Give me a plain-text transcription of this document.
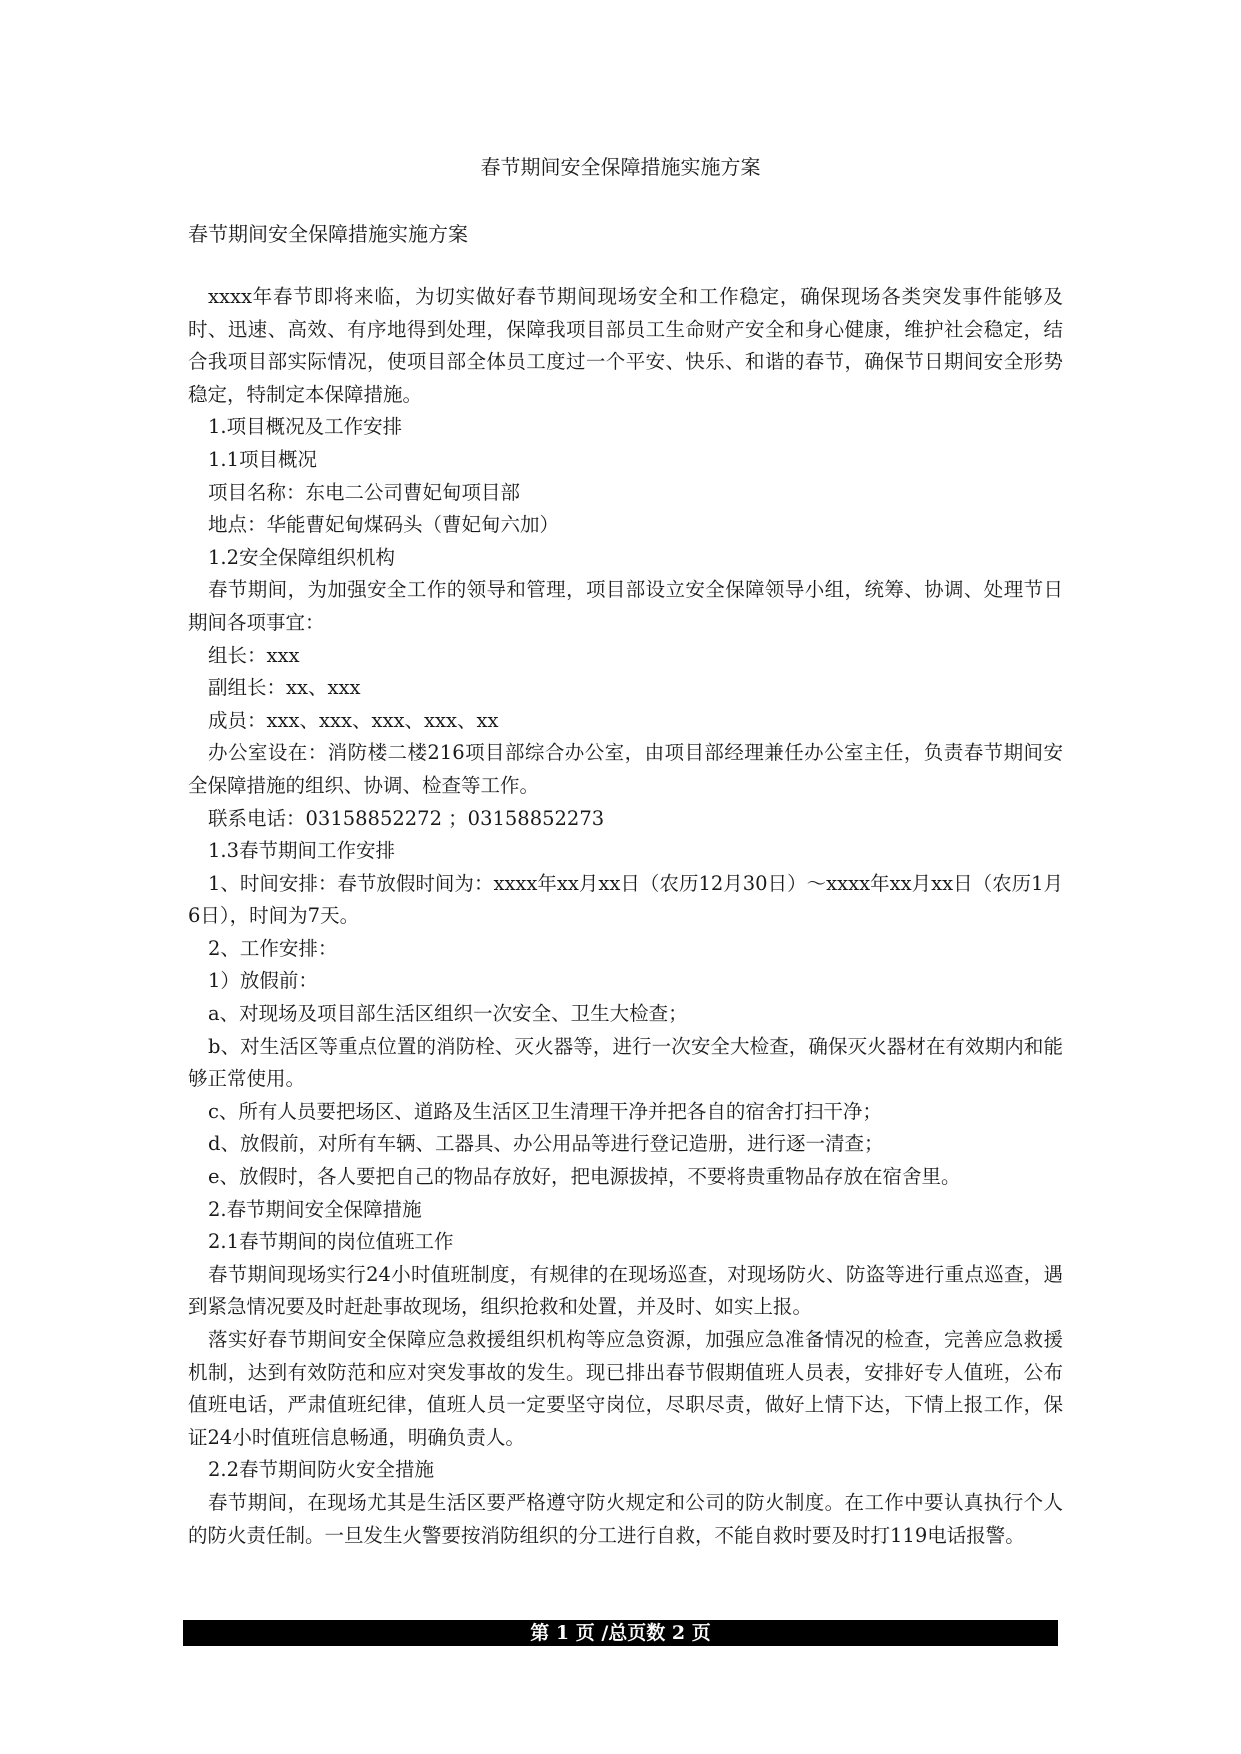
春节期间安全保障措施实施方案
春节期间安全保障措施实施方案

xxxx年春节即将来临，为切实做好春节期间现场安全和工作稳定，确保现场各类突发事件能够及时、迅速、高效、有序地得到处理，保障我项目部员工生命财产安全和身心健康，维护社会稳定，结合我项目部实际情况，使项目部全体员工度过一个平安、快乐、和谐的春节，确保节日期间安全形势稳定，特制定本保障措施。

1.项目概况及工作安排

1.1项目概况

项目名称：东电二公司曹妃甸项目部

地点：华能曹妃甸煤码头（曹妃甸六加）

1.2安全保障组织机构

春节期间，为加强安全工作的领导和管理，项目部设立安全保障领导小组，统筹、协调、处理节日期间各项事宜：

组长：xxx

副组长：xx、xxx

成员：xxx、xxx、xxx、xxx、xx

办公室设在：消防楼二楼216项目部综合办公室，由项目部经理兼任办公室主任，负责春节期间安全保障措施的组织、协调、检查等工作。

联系电话：03158852272 ；03158852273

1.3春节期间工作安排

1、时间安排：春节放假时间为：xxxx年xx月xx日（农历12月30日）～xxxx年xx月xx日（农历1月6日），时间为7天。

2、工作安排：

1）放假前：

a、对现场及项目部生活区组织一次安全、卫生大检查；

b、对生活区等重点位置的消防栓、灭火器等，进行一次安全大检查，确保灭火器材在有效期内和能够正常使用。

c、所有人员要把场区、道路及生活区卫生清理干净并把各自的宿舍打扫干净；

d、放假前，对所有车辆、工器具、办公用品等进行登记造册，进行逐一清查；

e、放假时，各人要把自己的物品存放好，把电源拔掉，不要将贵重物品存放在宿舍里。

2.春节期间安全保障措施

2.1春节期间的岗位值班工作

春节期间现场实行24小时值班制度，有规律的在现场巡查，对现场防火、防盗等进行重点巡查，遇到紧急情况要及时赶赴事故现场，组织抢救和处置，并及时、如实上报。

落实好春节期间安全保障应急救援组织机构等应急资源，加强应急准备情况的检查，完善应急救援机制，达到有效防范和应对突发事故的发生。现已排出春节假期值班人员表，安排好专人值班，公布值班电话，严肃值班纪律，值班人员一定要坚守岗位，尽职尽责，做好上情下达，下情上报工作，保证24小时值班信息畅通，明确负责人。

2.2春节期间防火安全措施

春节期间，在现场尤其是生活区要严格遵守防火规定和公司的防火制度。在工作中要认真执行个人的防火责任制。一旦发生火警要按消防组织的分工进行自救，不能自救时要及时打119电话报警。

第 1 页 /总页数 2 页
